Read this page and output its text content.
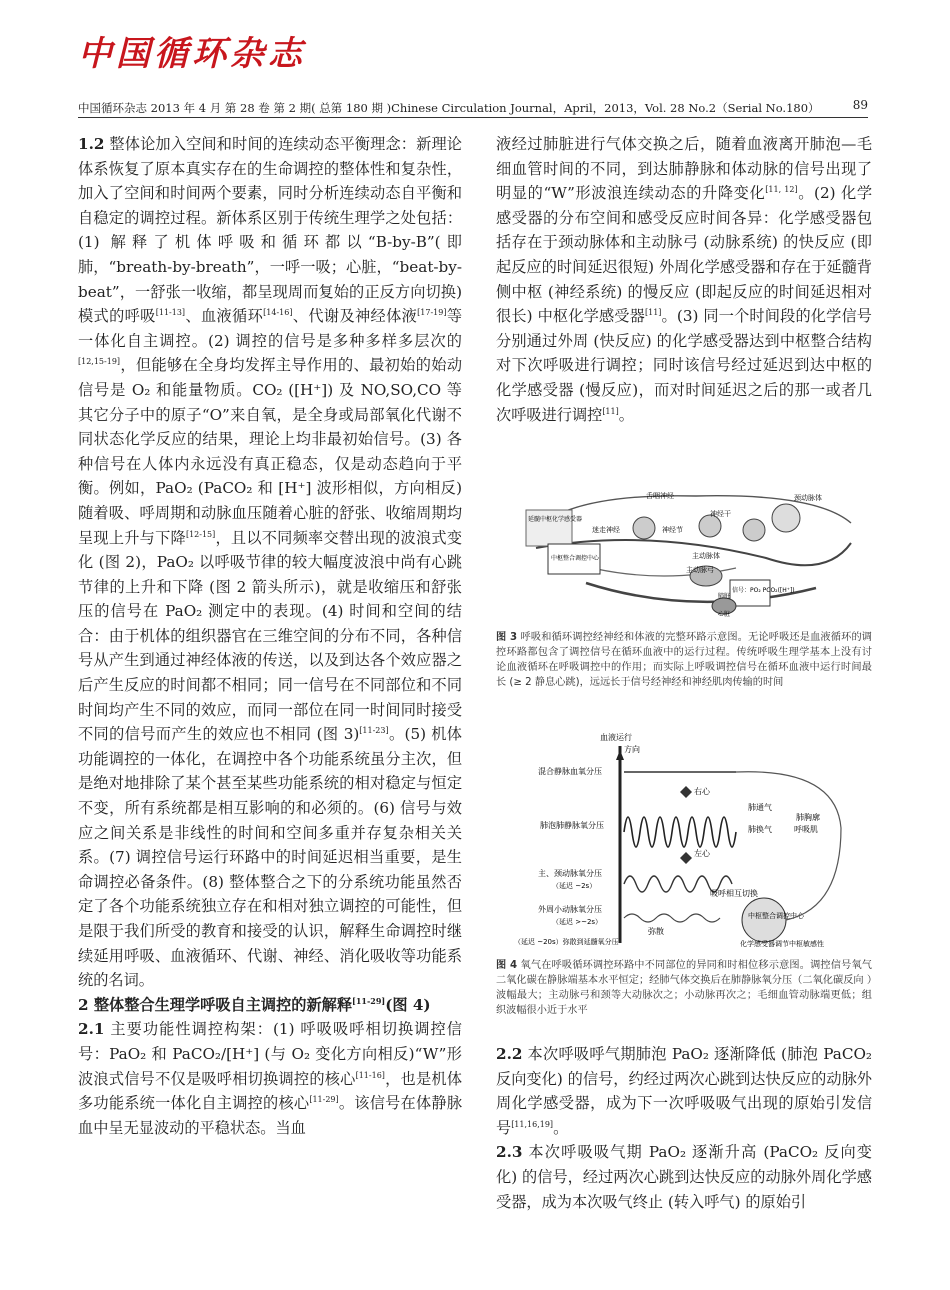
中国循环杂志
中国循环杂志 2013 年 4 月 第 28 卷 第 2 期( 总第 180 期 )Chinese Circulation Journal，April，2013，Vol. 28 No.2（Serial No.180）	89

1.2 整体论加入空间和时间的连续动态平衡理念：新理论体系恢复了原本真实存在的生命调控的整体性和复杂性，加入了空间和时间两个要素，同时分析连续动态自平衡和自稳定的调控过程。新体系区别于传统生理学之处包括：(1) 解释了机体呼吸和循环都以“B-by-B”(即肺，“breath-by-breath”，一呼一吸；心脏，“beat-by-beat”，一舒张一收缩，都呈现周而复始的正反方向切换) 模式的呼吸[11-13]、血液循环[14-16]、代谢及神经体液[17-19]等一体化自主调控。(2) 调控的信号是多种多样多层次的[12,15-19]，但能够在全身均发挥主导作用的、最初始的始动信号是 O₂ 和能量物质。CO₂ ([H⁺]) 及 NO,SO,CO 等其它分子中的原子“O”来自氧，是全身或局部氧化代谢不同状态化学反应的结果，理论上均非最初始信号。(3) 各种信号在人体内永远没有真正稳态，仅是动态趋向于平衡。例如，PaO₂ (PaCO₂ 和 [H⁺] 波形相似，方向相反) 随着吸、呼周期和动脉血压随着心脏的舒张、收缩周期均呈现上升与下降[12-15]，且以不同频率交替出现的波浪式变化 (图 2)，PaO₂ 以呼吸节律的较大幅度波浪中尚有心跳节律的上升和下降 (图 2 箭头所示)，就是收缩压和舒张压的信号在 PaO₂ 测定中的表现。(4) 时间和空间的结合：由于机体的组织器官在三维空间的分布不同，各种信号从产生到通过神经体液的传送，以及到达各个效应器之后产生反应的时间都不相同；同一信号在不同部位和不同时间均产生不同的效应，而同一部位在同一时间同时接受不同的信号而产生的效应也不相同 (图 3)[11-23]。(5) 机体功能调控的一体化，在调控中各个功能系统虽分主次，但是绝对地排除了某个甚至某些功能系统的相对稳定与恒定不变，所有系统都是相互影响的和必须的。(6) 信号与效应之间关系是非线性的时间和空间多重并存复杂相关关系。(7) 调控信号运行环路中的时间延迟相当重要，是生命调控必备条件。(8) 整体整合之下的分系统功能虽然否定了各个功能系统独立存在和相对独立调控的可能性，但是限于我们所受的教育和接受的认识，解释生命调控时继续延用呼吸、血液循环、代谢、神经、消化吸收等功能系统的名词。

2 整体整合生理学呼吸自主调控的新解释[11-29](图 4)

2.1 主要功能性调控构架：(1) 呼吸吸呼相切换调控信号：PaO₂ 和 PaCO₂/[H⁺] (与 O₂ 变化方向相反)“W”形波浪式信号不仅是吸呼相切换调控的核心[11-16]，也是机体多功能系统一体化自主调控的核心[11-29]。该信号在体静脉血中呈无显波动的平稳状态。当血

液经过肺脏进行气体交换之后，随着血液离开肺泡—毛细血管时间的不同，到达肺静脉和体动脉的信号出现了明显的“W”形波浪连续动态的升降变化[11, 12]。(2) 化学感受器的分布空间和感受反应时间各异：化学感受器包括存在于颈动脉体和主动脉弓 (动脉系统) 的快反应 (即起反应的时间延迟很短) 外周化学感受器和存在于延髓背侧中枢 (神经系统) 的慢反应 (即起反应的时间延迟相对很长) 中枢化学感受器[11]。(3) 同一个时间段的化学信号分别通过外周 (快反应) 的化学感受器达到中枢整合结构对下次呼吸进行调控；同时该信号经过延迟到达中枢的化学感受器 (慢反应)，而对时间延迟之后的那一或者几次呼吸进行调控[11]。

舌咽神经
延髓中枢化学感受器
中枢整合调控中心
迷走神经	神经节
神经干
颈动脉体
主动脉体
主动脉弓
信号：PO₂ PCO₂([H⁺])
肺脏
心脏
图 3 呼吸和循环调控经神经和体液的完整环路示意图。无论呼吸还是血液循环的调控环路都包含了调控信号在循环血液中的运行过程。传统呼吸生理学基本上没有讨论血液循环在呼吸调控中的作用；而实际上呼吸调控信号在循环血液中运行时间最长 (≥ 2 静息心跳)，远远长于信号经神经和神经肌肉传输的时间
血液运行
方向
混合静脉血氧分压
右心
肺泡肺静脉氧分压
肺通气
肺换气
肺胸廓
呼吸肌
左心
主、颈动脉氧分压
（延迟 ~2s）
吸呼相互切换
外周小动脉氧分压
（延迟 >~2s）
弥散
（延迟 ~20s）弥散到延髓氧分压
中枢整合调控中心
化学感受器调节中枢敏感性
图 4 氧气在呼吸循环调控环路中不同部位的异同和时相位移示意图。调控信号氧气二氧化碳在静脉端基本水平恒定；经肺气体交换后在肺静脉氧分压（二氧化碳反向 ）波幅最大；主动脉弓和颈等大动脉次之；小动脉再次之；毛细血管动脉端更低；组织波幅很小近于水平

2.2 本次呼吸呼气期肺泡 PaO₂ 逐渐降低 (肺泡 PaCO₂ 反向变化) 的信号，约经过两次心跳到达快反应的动脉外周化学感受器，成为下一次呼吸吸气出现的原始引发信号[11,16,19]。

2.3 本次呼吸吸气期 PaO₂ 逐渐升高 (PaCO₂ 反向变化) 的信号，经过两次心跳到达快反应的动脉外周化学感受器，成为本次吸气终止 (转入呼气) 的原始引
